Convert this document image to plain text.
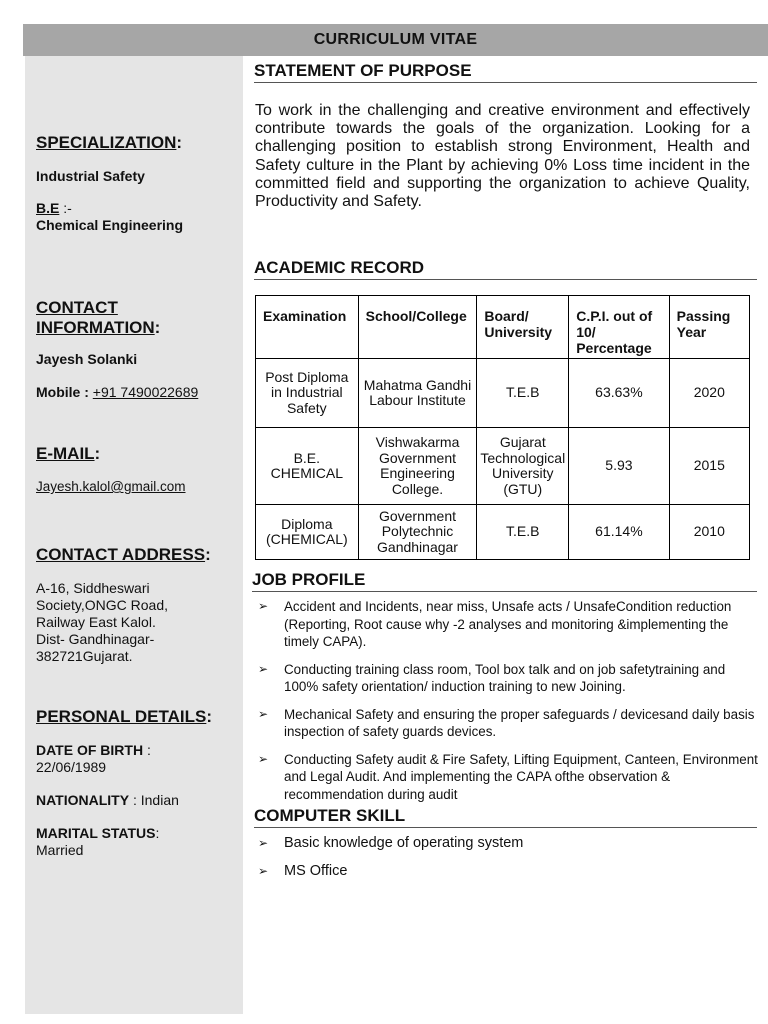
CURRICULUM VITAE
SPECIALIZATION:
Industrial Safety
B.E :-
Chemical Engineering
CONTACT
INFORMATION:
Jayesh Solanki
Mobile : +91 7490022689
E-MAIL:
Jayesh.kalol@gmail.com
CONTACT ADDRESS:
A-16, Siddheswari
Society,ONGC Road,
Railway East Kalol.
Dist- Gandhinagar-
382721Gujarat.
PERSONAL DETAILS:
DATE OF BIRTH :
22/06/1989
NATIONALITY : Indian
MARITAL STATUS:
Married
STATEMENT OF PURPOSE
To work in the challenging and creative environment and effectively contribute towards the goals of the organization. Looking for a challenging position to establish strong Environment, Health and Safety culture in the Plant by achieving 0% Loss time incident in the committed field and supporting the organization to achieve Quality, Productivity and Safety.
ACADEMIC RECORD
Examination	School/College	Board/ University	C.P.I. out of 10/ Percentage	Passing Year
Post Diploma in Industrial Safety	Mahatma Gandhi Labour Institute	T.E.B	63.63%	2020
B.E. CHEMICAL	Vishwakarma Government Engineering College.	Gujarat Technological University (GTU)	5.93	2015
Diploma (CHEMICAL)	Government Polytechnic Gandhinagar	T.E.B	61.14%	2010
JOB PROFILE
➢ Accident and Incidents, near miss, Unsafe acts / UnsafeCondition reduction (Reporting, Root cause why -2 analyses and monitoring &implementing the timely CAPA).
➢ Conducting training class room, Tool box talk and on job safetytraining and 100% safety orientation/ induction training to new Joining.
➢ Mechanical Safety and ensuring the proper safeguards / devicesand daily basis inspection of safety guards devices.
➢ Conducting Safety audit & Fire Safety, Lifting Equipment, Canteen, Environment and Legal Audit. And implementing the CAPA ofthe observation & recommendation during audit
COMPUTER SKILL
➢ Basic knowledge of operating system
➢ MS Office
